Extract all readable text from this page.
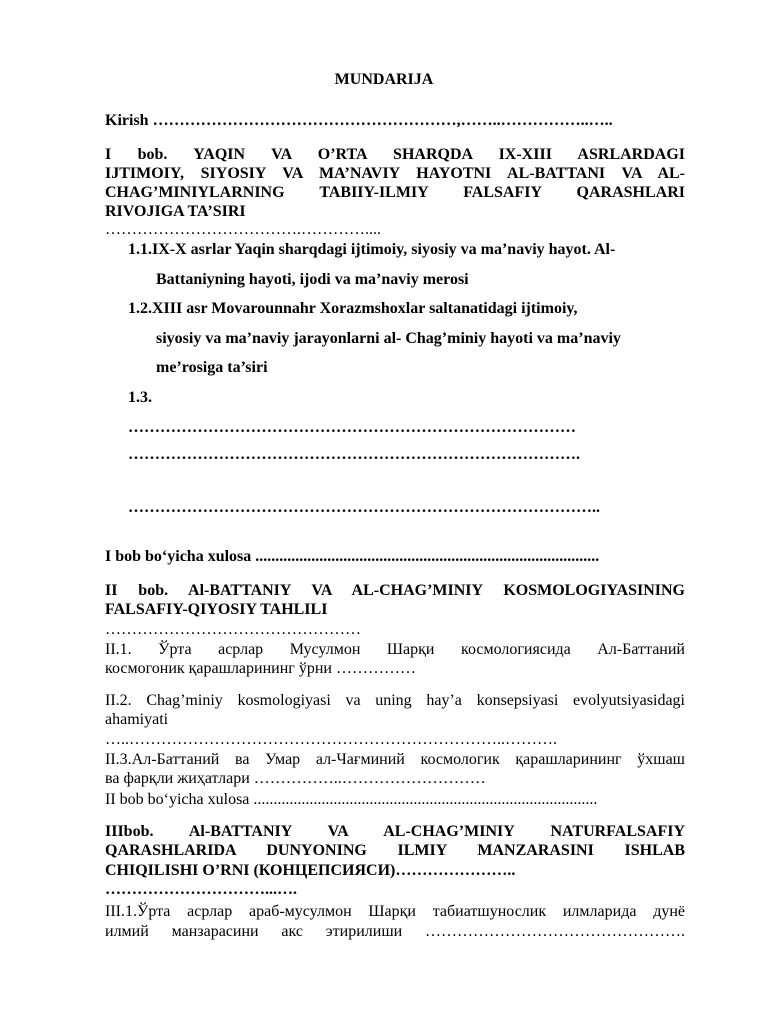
MUNDARIJA
Kirish …………………………………………………,……..……………..…..
I bob. YAQIN VA O’RTA SHARQDA IX-XIII ASRLARDAGI
IJTIMOIY, SIYOSIY VA MA’NAVIY HAYOTNI AL-BATTANI VA AL-
CHAG’MINIYLARNING TABIIY-ILMIY FALSAFIY QARASHLARI
RIVOJIGA TA’SIRI
……………………………….…………....
1.1.IX-X asrlar Yaqin sharqdagi ijtimoiy, siyosiy va ma’naviy hayot. Al-
Battaniyning hayoti, ijodi va ma’naviy merosi
1.2.XIII asr Movarounnahr Xorazmshoxlar saltanatidagi ijtimoiy,
siyosiy va ma’naviy jarayonlarni al- Chag’miniy hayoti va ma’naviy
me’rosiga ta’siri
1.3.
…………………………………………………………………………
………………………………………………………………………….
……………………………………………………………………………..
I bob bo‘yicha xulosa ......................................................................................
II bob. Al-BATTANIY VA AL-CHAG’MINIY KOSMOLOGIYASINING
FALSAFIY-QIYOSIY TAHLILI
…………………………………………
II.1. Ўрта асрлар Мусулмон Шарқи космологиясида Ал-Баттаний
космогоник қарашларининг ўрни ……………
II.2. Chag’miniy kosmologiyasi va uning hay’a konsepsiyasi evolyutsiyasidagi
ahamiyati
…..……………………………………………………………..……….
II.3.Ал-Баттаний ва Умар ал-Чағминий космологик қарашларининг ўхшаш
ва фарқли жиҳатлари ……………..………………………
II bob bo‘yicha xulosa ......................................................................................
IIIbob. Al-BATTANIY VA AL-CHAG’MINIY NATURFALSAFIY
QARASHLARIDA DUNYONING ILMIY MANZARASINI ISHLAB
CHIQILISHI O’RNI (КОНЦЕПСИЯСИ)…………………..
…………………………...….
III.1.Ўрта асрлар араб-мусулмон Шарқи табиатшунослик илмларида дунё
илмий манзарасини акс этирилиши ………………………………………….
